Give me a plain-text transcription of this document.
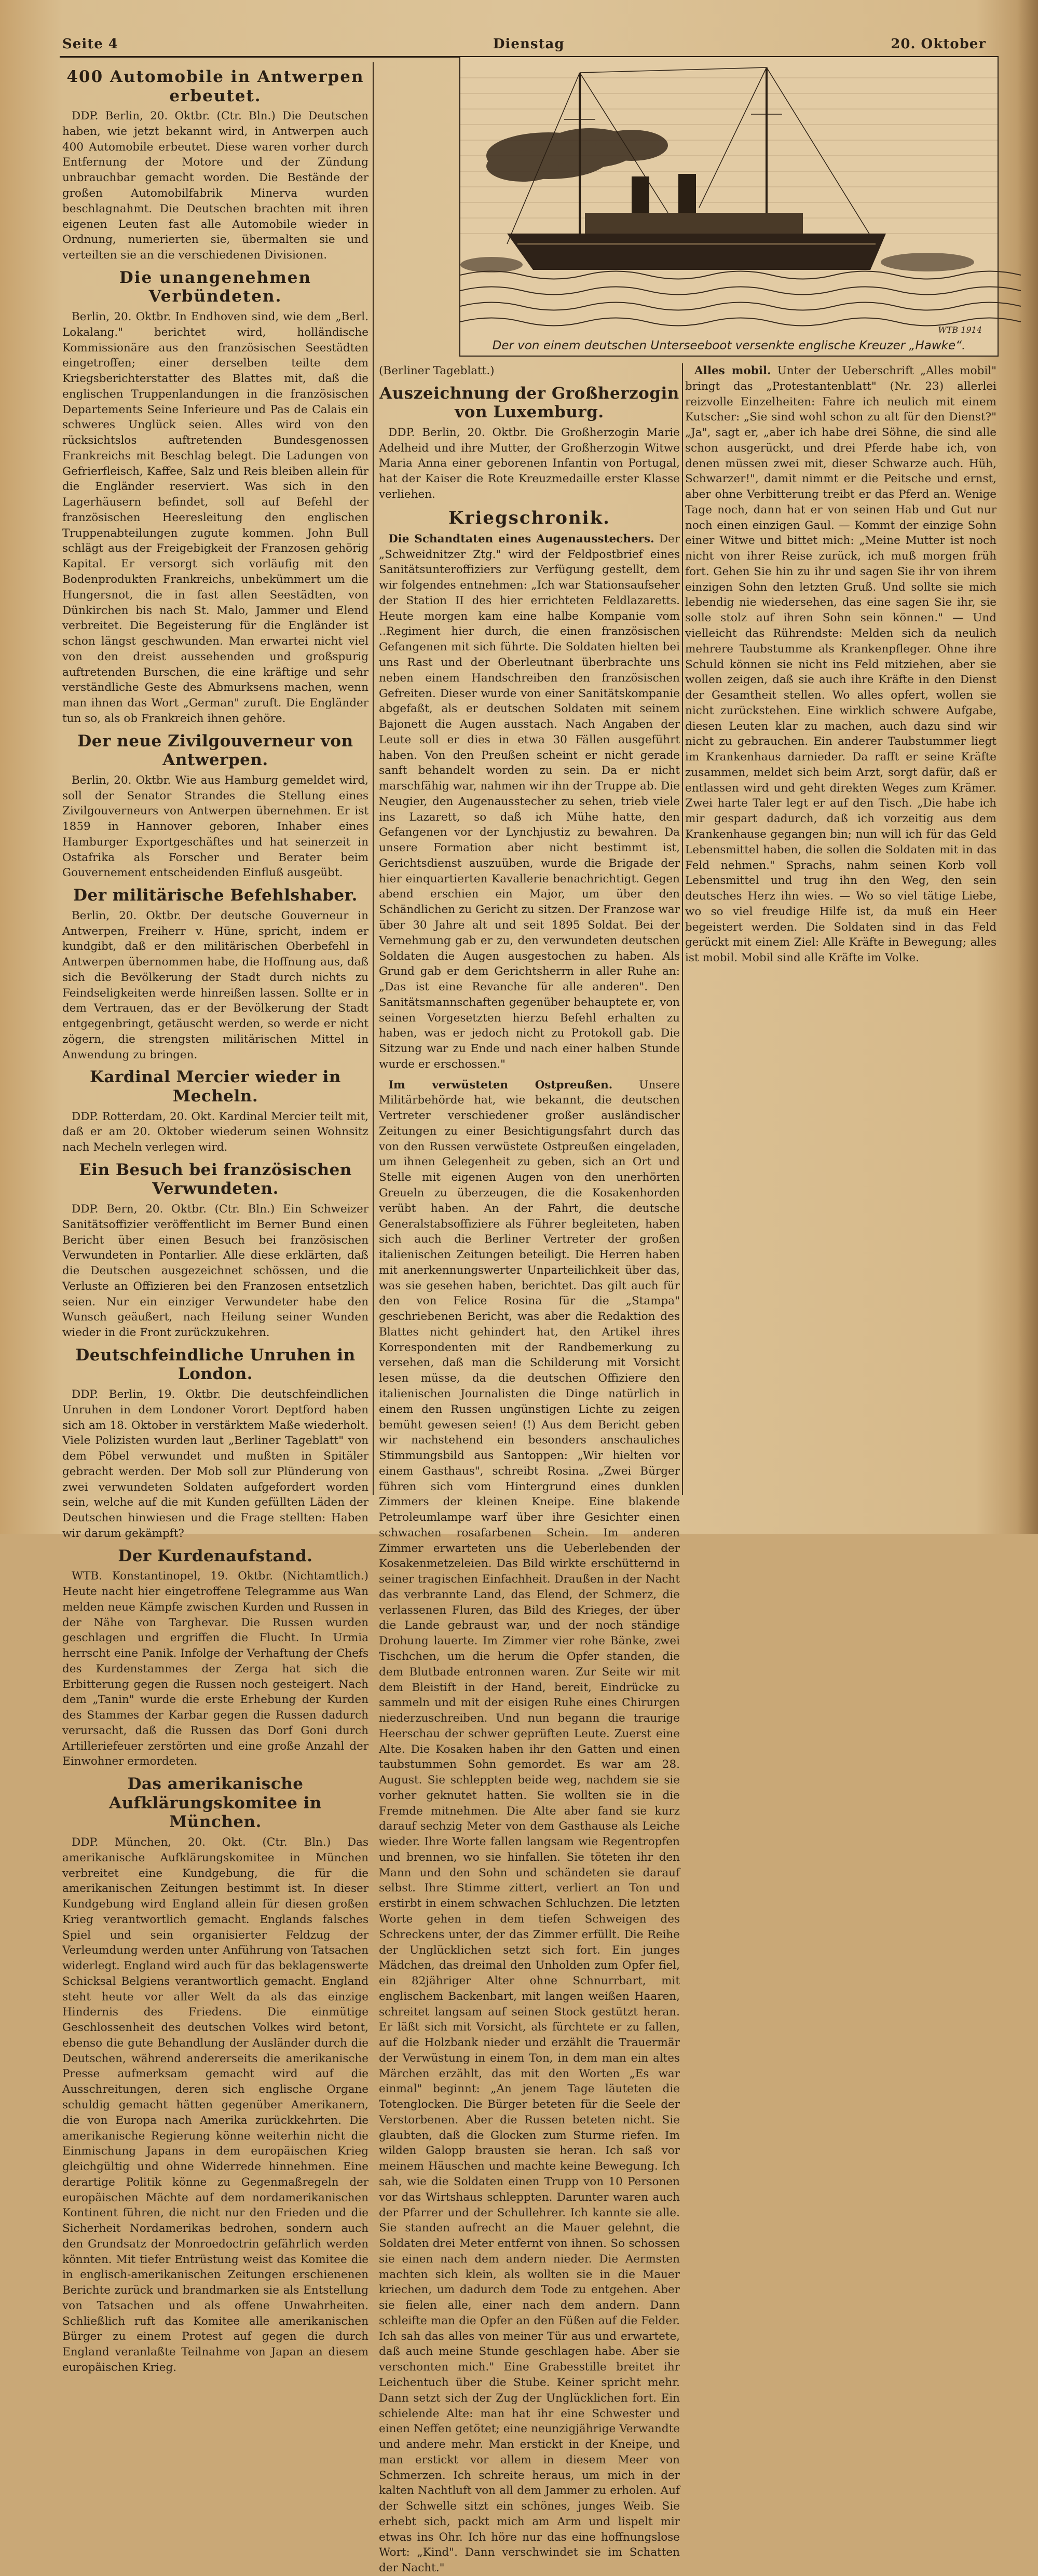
Seite 4	Dienstag	20. Oktober
400 Automobile in Antwerpen erbeutet.

DDP. Berlin, 20. Oktbr. (Ctr. Bln.) Die Deutschen haben, wie jetzt bekannt wird, in Antwerpen auch 400 Automobile erbeutet. Diese waren vorher durch Entfernung der Motore und der Zündung unbrauchbar gemacht worden. Die Bestände der großen Automobilfabrik Minerva wurden beschlagnahmt. Die Deutschen brachten mit ihren eigenen Leuten fast alle Automobile wieder in Ordnung, numerierten sie, übermalten sie und verteilten sie an die verschiedenen Divisionen.

Die unangenehmen Verbündeten.

Berlin, 20. Oktbr. In Endhoven sind, wie dem „Berl. Lokalang." berichtet wird, holländische Kommissionäre aus den französischen Seestädten eingetroffen; einer derselben teilte dem Kriegsberichterstatter des Blattes mit, daß die englischen Truppenlandungen in die französischen Departements Seine Inferieure und Pas de Calais ein schweres Unglück seien. Alles wird von den rücksichtslos auftretenden Bundesgenossen Frankreichs mit Beschlag belegt. Die Ladungen von Gefrierfleisch, Kaffee, Salz und Reis bleiben allein für die Engländer reserviert. Was sich in den Lagerhäusern befindet, soll auf Befehl der französischen Heeresleitung den englischen Truppenabteilungen zugute kommen. John Bull schlägt aus der Freigebigkeit der Franzosen gehörig Kapital. Er versorgt sich vorläufig mit den Bodenprodukten Frankreichs, unbekümmert um die Hungersnot, die in fast allen Seestädten, von Dünkirchen bis nach St. Malo, Jammer und Elend verbreitet. Die Begeisterung für die Engländer ist schon längst geschwunden. Man erwartei nicht viel von den dreist aussehenden und großspurig auftretenden Burschen, die eine kräftige und sehr verständliche Geste des Abmurksens machen, wenn man ihnen das Wort „German" zuruft. Die Engländer tun so, als ob Frankreich ihnen gehöre.

Der neue Zivilgouverneur von Antwerpen.

Berlin, 20. Oktbr. Wie aus Hamburg gemeldet wird, soll der Senator Strandes die Stellung eines Zivilgouverneurs von Antwerpen übernehmen. Er ist 1859 in Hannover geboren, Inhaber eines Hamburger Exportgeschäftes und hat seinerzeit in Ostafrika als Forscher und Berater beim Gouvernement entscheidenden Einfluß ausgeübt.

Der militärische Befehlshaber.

Berlin, 20. Oktbr. Der deutsche Gouverneur in Antwerpen, Freiherr v. Hüne, spricht, indem er kundgibt, daß er den militärischen Oberbefehl in Antwerpen übernommen habe, die Hoffnung aus, daß sich die Bevölkerung der Stadt durch nichts zu Feindseligkeiten werde hinreißen lassen. Sollte er in dem Vertrauen, das er der Bevölkerung der Stadt entgegenbringt, getäuscht werden, so werde er nicht zögern, die strengsten militärischen Mittel in Anwendung zu bringen.

Kardinal Mercier wieder in Mecheln.

DDP. Rotterdam, 20. Okt. Kardinal Mercier teilt mit, daß er am 20. Oktober wiederum seinen Wohnsitz nach Mecheln verlegen wird.

Ein Besuch bei französischen Verwundeten.

DDP. Bern, 20. Oktbr. (Ctr. Bln.) Ein Schweizer Sanitätsoffizier veröffentlicht im Berner Bund einen Bericht über einen Besuch bei französischen Verwundeten in Pontarlier. Alle diese erklärten, daß die Deutschen ausgezeichnet schössen, und die Verluste an Offizieren bei den Franzosen entsetzlich seien. Nur ein einziger Verwundeter habe den Wunsch geäußert, nach Heilung seiner Wunden wieder in die Front zurückzukehren.

Deutschfeindliche Unruhen in London.

DDP. Berlin, 19. Oktbr. Die deutschfeindlichen Unruhen in dem Londoner Vorort Deptford haben sich am 18. Oktober in verstärktem Maße wiederholt. Viele Polizisten wurden laut „Berliner Tageblatt" von dem Pöbel verwundet und mußten in Spitäler gebracht werden. Der Mob soll zur Plünderung von zwei verwundeten Soldaten aufgefordert worden sein, welche auf die mit Kunden gefüllten Läden der Deutschen hinwiesen und die Frage stellten: Haben wir darum gekämpft?

Der Kurdenaufstand.

WTB. Konstantinopel, 19. Oktbr. (Nichtamtlich.) Heute nacht hier eingetroffene Telegramme aus Wan melden neue Kämpfe zwischen Kurden und Russen in der Nähe von Targhevar. Die Russen wurden geschlagen und ergriffen die Flucht. In Urmia herrscht eine Panik. Infolge der Verhaftung der Chefs des Kurdenstammes der Zerga hat sich die Erbitterung gegen die Russen noch gesteigert. Nach dem „Tanin" wurde die erste Erhebung der Kurden des Stammes der Karbar gegen die Russen dadurch verursacht, daß die Russen das Dorf Goni durch Artilleriefeuer zerstörten und eine große Anzahl der Einwohner ermordeten.

Das amerikanische Aufklärungskomitee in München.

DDP. München, 20. Okt. (Ctr. Bln.) Das amerikanische Aufklärungskomitee in München verbreitet eine Kundgebung, die für die amerikanischen Zeitungen bestimmt ist. In dieser Kundgebung wird England allein für diesen großen Krieg verantwortlich gemacht. Englands falsches Spiel und sein organisierter Feldzug der Verleumdung werden unter Anführung von Tatsachen widerlegt. England wird auch für das beklagenswerte Schicksal Belgiens verantwortlich gemacht. England steht heute vor aller Welt da als das einzige Hindernis des Friedens. Die einmütige Geschlossenheit des deutschen Volkes wird betont, ebenso die gute Behandlung der Ausländer durch die Deutschen, während andererseits die amerikanische Presse aufmerksam gemacht wird auf die Ausschreitungen, deren sich englische Organe schuldig gemacht hätten gegenüber Amerikanern, die von Europa nach Amerika zurückkehrten. Die amerikanische Regierung könne weiterhin nicht die Einmischung Japans in dem europäischen Krieg gleichgültig und ohne Widerrede hinnehmen. Eine derartige Politik könne zu Gegenmaßregeln der europäischen Mächte auf dem nordamerikanischen Kontinent führen, die nicht nur den Frieden und die Sicherheit Nordamerikas bedrohen, sondern auch den Grundsatz der Monroedoctrin gefährlich werden könnten. Mit tiefer Entrüstung weist das Komitee die in englisch-amerikanischen Zeitungen erschienenen Berichte zurück und brandmarken sie als Entstellung von Tatsachen und als offene Unwahrheiten. Schließlich ruft das Komitee alle amerikanischen Bürger zu einem Protest auf gegen die durch England veranlaßte Teilnahme von Japan an diesem europäischen Krieg.

WTB 1914
Der von einem deutschen Unterseeboot versenkte englische Kreuzer „Hawke“.

(Berliner Tageblatt.)

Auszeichnung der Großherzogin von Luxemburg.

DDP. Berlin, 20. Oktbr. Die Großherzogin Marie Adelheid und ihre Mutter, der Großherzogin Witwe Maria Anna einer geborenen Infantin von Portugal, hat der Kaiser die Rote Kreuzmedaille erster Klasse verliehen.

Kriegschronik.

Die Schandtaten eines Augenausstechers. Der „Schweidnitzer Ztg." wird der Feldpostbrief eines Sanitätsunteroffiziers zur Verfügung gestellt, dem wir folgendes entnehmen: „Ich war Stationsaufseher der Station II des hier errichteten Feldlazaretts. Heute morgen kam eine halbe Kompanie vom ..Regiment hier durch, die einen französischen Gefangenen mit sich führte. Die Soldaten hielten bei uns Rast und der Oberleutnant überbrachte uns neben einem Handschreiben den französischen Gefreiten. Dieser wurde von einer Sanitätskompanie abgefaßt, als er deutschen Soldaten mit seinem Bajonett die Augen ausstach. Nach Angaben der Leute soll er dies in etwa 30 Fällen ausgeführt haben. Von den Preußen scheint er nicht gerade sanft behandelt worden zu sein. Da er nicht marschfähig war, nahmen wir ihn der Truppe ab. Die Neugier, den Augenausstecher zu sehen, trieb viele ins Lazarett, so daß ich Mühe hatte, den Gefangenen vor der Lynchjustiz zu bewahren. Da unsere Formation aber nicht bestimmt ist, Gerichtsdienst auszuüben, wurde die Brigade der hier einquartierten Kavallerie benachrichtigt. Gegen abend erschien ein Major, um über den Schändlichen zu Gericht zu sitzen. Der Franzose war über 30 Jahre alt und seit 1895 Soldat. Bei der Vernehmung gab er zu, den verwundeten deutschen Soldaten die Augen ausgestochen zu haben. Als Grund gab er dem Gerichtsherrn in aller Ruhe an: „Das ist eine Revanche für alle anderen". Den Sanitätsmannschaften gegenüber behauptete er, von seinen Vorgesetzten hierzu Befehl erhalten zu haben, was er jedoch nicht zu Protokoll gab. Die Sitzung war zu Ende und nach einer halben Stunde wurde er erschossen."

Im verwüsteten Ostpreußen. Unsere Militärbehörde hat, wie bekannt, die deutschen Vertreter verschiedener großer ausländischer Zeitungen zu einer Besichtigungsfahrt durch das von den Russen verwüstete Ostpreußen eingeladen, um ihnen Gelegenheit zu geben, sich an Ort und Stelle mit eigenen Augen von den unerhörten Greueln zu überzeugen, die die Kosakenhorden verübt haben. An der Fahrt, die deutsche Generalstabsoffiziere als Führer begleiteten, haben sich auch die Berliner Vertreter der großen italienischen Zeitungen beteiligt. Die Herren haben mit anerkennungswerter Unparteilichkeit über das, was sie gesehen haben, berichtet. Das gilt auch für den von Felice Rosina für die „Stampa" geschriebenen Bericht, was aber die Redaktion des Blattes nicht gehindert hat, den Artikel ihres Korrespondenten mit der Randbemerkung zu versehen, daß man die Schilderung mit Vorsicht lesen müsse, da die deutschen Offiziere den italienischen Journalisten die Dinge natürlich in einem den Russen ungünstigen Lichte zu zeigen bemüht gewesen seien! (!) Aus dem Bericht geben wir nachstehend ein besonders anschauliches Stimmungsbild aus Santoppen: „Wir hielten vor einem Gasthaus", schreibt Rosina. „Zwei Bürger führen sich vom Hintergrund eines dunklen Zimmers der kleinen Kneipe. Eine blakende Petroleumlampe warf über ihre Gesichter einen schwachen rosafarbenen Schein. Im anderen Zimmer erwarteten uns die Ueberlebenden der Kosakenmetzeleien. Das Bild wirkte erschütternd in seiner tragischen Einfachheit. Draußen in der Nacht das verbrannte Land, das Elend, der Schmerz, die verlassenen Fluren, das Bild des Krieges, der über die Lande gebraust war, und der noch ständige Drohung lauerte. Im Zimmer vier rohe Bänke, zwei Tischchen, um die herum die Opfer standen, die dem Blutbade entronnen waren. Zur Seite wir mit dem Bleistift in der Hand, bereit, Eindrücke zu sammeln und mit der eisigen Ruhe eines Chirurgen niederzuschreiben. Und nun begann die traurige Heerschau der schwer geprüften Leute. Zuerst eine Alte. Die Kosaken haben ihr den Gatten und einen taubstummen Sohn gemordet. Es war am 28. August. Sie schleppten beide weg, nachdem sie sie vorher geknutet hatten. Sie wollten sie in die Fremde mitnehmen. Die Alte aber fand sie kurz darauf sechzig Meter von dem Gasthause als Leiche wieder. Ihre Worte fallen langsam wie Regentropfen und brennen, wo sie hinfallen. Sie töteten ihr den Mann und den Sohn und schändeten sie darauf selbst. Ihre Stimme zittert, verliert an Ton und erstirbt in einem schwachen Schluchzen. Die letzten Worte gehen in dem tiefen Schweigen des Schreckens unter, der das Zimmer erfüllt. Die Reihe der Unglücklichen setzt sich fort. Ein junges Mädchen, das dreimal den Unholden zum Opfer fiel, ein 82jähriger Alter ohne Schnurrbart, mit englischem Backenbart, mit langen weißen Haaren, schreitet langsam auf seinen Stock gestützt heran. Er läßt sich mit Vorsicht, als fürchtete er zu fallen, auf die Holzbank nieder und erzählt die Trauermär der Verwüstung in einem Ton, in dem man ein altes Märchen erzählt, das mit den Worten „Es war einmal" beginnt: „An jenem Tage läuteten die Totenglocken. Die Bürger beteten für die Seele der Verstorbenen. Aber die Russen beteten nicht. Sie glaubten, daß die Glocken zum Sturme riefen. Im wilden Galopp brausten sie heran. Ich saß vor meinem Häuschen und machte keine Bewegung. Ich sah, wie die Soldaten einen Trupp von 10 Personen vor das Wirtshaus schleppten. Darunter waren auch der Pfarrer und der Schullehrer. Ich kannte sie alle. Sie standen aufrecht an die Mauer gelehnt, die Soldaten drei Meter entfernt von ihnen. So schossen sie einen nach dem andern nieder. Die Aermsten machten sich klein, als wollten sie in die Mauer kriechen, um dadurch dem Tode zu entgehen. Aber sie fielen alle, einer nach dem andern. Dann schleifte man die Opfer an den Füßen auf die Felder. Ich sah das alles von meiner Tür aus und erwartete, daß auch meine Stunde geschlagen habe. Aber sie verschonten mich." Eine Grabesstille breitet ihr Leichentuch über die Stube. Keiner spricht mehr. Dann setzt sich der Zug der Unglücklichen fort. Ein schielende Alte: man hat ihr eine Schwester und einen Neffen getötet; eine neunzigjährige Verwandte und andere mehr. Man erstickt in der Kneipe, und man erstickt vor allem in diesem Meer von Schmerzen. Ich schreite heraus, um mich in der kalten Nachtluft von all dem Jammer zu erholen. Auf der Schwelle sitzt ein schönes, junges Weib. Sie erhebt sich, packt mich am Arm und lispelt mir etwas ins Ohr. Ich höre nur das eine hoffnungslose Wort: „Kind". Dann verschwindet sie im Schatten der Nacht."

Alles mobil. Unter der Ueberschrift „Alles mobil" bringt das „Protestantenblatt" (Nr. 23) allerlei reizvolle Einzelheiten: Fahre ich neulich mit einem Kutscher: „Sie sind wohl schon zu alt für den Dienst?" „Ja", sagt er, „aber ich habe drei Söhne, die sind alle schon ausgerückt, und drei Pferde habe ich, von denen müssen zwei mit, dieser Schwarze auch. Hüh, Schwarzer!", damit nimmt er die Peitsche und ernst, aber ohne Verbitterung treibt er das Pferd an. Wenige Tage noch, dann hat er von seinen Hab und Gut nur noch einen einzigen Gaul. — Kommt der einzige Sohn einer Witwe und bittet mich: „Meine Mutter ist noch nicht von ihrer Reise zurück, ich muß morgen früh fort. Gehen Sie hin zu ihr und sagen Sie ihr von ihrem einzigen Sohn den letzten Gruß. Und sollte sie mich lebendig nie wiedersehen, das eine sagen Sie ihr, sie solle stolz auf ihren Sohn sein können." — Und vielleicht das Rührendste: Melden sich da neulich mehrere Taubstumme als Krankenpfleger. Ohne ihre Schuld können sie nicht ins Feld mitziehen, aber sie wollen zeigen, daß sie auch ihre Kräfte in den Dienst der Gesamtheit stellen. Wo alles opfert, wollen sie nicht zurückstehen. Eine wirklich schwere Aufgabe, diesen Leuten klar zu machen, auch dazu sind wir nicht zu gebrauchen. Ein anderer Taubstummer liegt im Krankenhaus darnieder. Da rafft er seine Kräfte zusammen, meldet sich beim Arzt, sorgt dafür, daß er entlassen wird und geht direkten Weges zum Krämer. Zwei harte Taler legt er auf den Tisch. „Die habe ich mir gespart dadurch, daß ich vorzeitig aus dem Krankenhause gegangen bin; nun will ich für das Geld Lebensmittel haben, die sollen die Soldaten mit in das Feld nehmen." Sprachs, nahm seinen Korb voll Lebensmittel und trug ihn den Weg, den sein deutsches Herz ihn wies. — Wo so viel tätige Liebe, wo so viel freudige Hilfe ist, da muß ein Heer begeistert werden. Die Soldaten sind in das Feld gerückt mit einem Ziel: Alle Kräfte in Bewegung; alles ist mobil. Mobil sind alle Kräfte im Volke.
